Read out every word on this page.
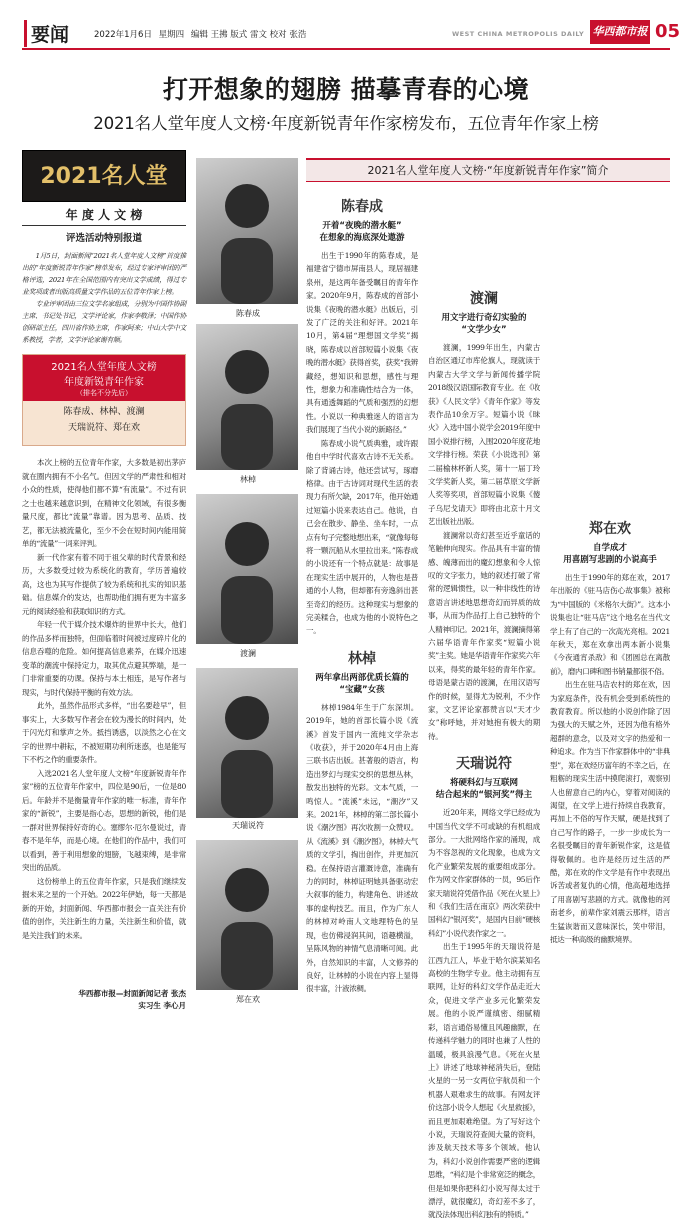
要闻	2022年1月6日 星期四 编辑 王拂 版式 雷文 校对 张浩	WEST CHINA METROPOLIS DAILY 华西都市报 05
打开想象的翅膀 描摹青春的心境
2021名人堂年度人文榜·年度新锐青年作家榜发布，五位青年作家上榜
2021名人堂
年 度 人 文 榜
评选活动特别报道
1月5日，封面新闻“2021名人堂年度人文榜”首度推出的“年度新锐青年作家”榜单发布，经过专家评审团的严格评选，2021年在全国范围内有突出文学成绩，得过专业奖项或者出版高质量文学作品的五位青年作家上榜。
专业评审团由三位文学名家组成，分别为中国作协副主席、书记处书记，文学评论家，作家李敬泽；中国作协创研部主任，四川省作协主席，作家阿来；中山大学中文系教授，学者，文学评论家谢有顺。
2021名人堂年度人文榜
年度新锐青年作家
（排名不分先后）
陈春成、林棹、渡澜
天瑞说符、郑在欢
本次上榜的五位青年作家，大多数是初出茅庐就在圈内拥有不小名气。但因文学的严肃性和相对小众的性质，使得他们都不算“有流量”。不过有识之士也越来越意识到，在精神文化领域，有很多衡量尺度，都比“流量”靠谱。因为思考、品质、技艺，都无法被流量化，至少不会在短时间内能用简单的“流量”一词来评判。
新一代作家有着不同于祖父辈的时代背景和经历，大多数受过较为系统化的教育，学历普遍较高，这也为其写作提供了较为系统和扎实的知识基础。信息媒介的发达，也帮助他们拥有更为丰富多元的阅读经验和获取知识的方式。
年轻一代于媒介技术爆炸的世界中长大，他们的作品多样而独特，但面临着时间被过度碎片化的信息吞噬的危险。如何提高信息素养，在媒介迅速变革的潮流中保持定力，取其优点避其弊端，是一门非常重要的功课。保持与本土相连，是写作者与现实，与时代保持平衡的有效方法。
此外，虽然作品形式多样，“出名要趁早”，但事实上，大多数写作者会在较为漫长的时间内，处于闪光灯和掌声之外。抵挡诱惑，以淡然之心在文字的世界中耕耘，不被短期功利所迷惑，也是能写下不朽之作的重要条件。
入选2021名人堂年度人文榜“年度新锐青年作家”榜的五位青年作家中，四位是90后，一位是80后。年龄并不是衡量青年作家的唯一标准，青年作家的“新锐”，主要是指心态，思想的新锐，他们是一群对世界保持好奇的心。塞缪尔·厄尔曼说过，青春不是年华，而是心境。在他们的作品中，我们可以看到，善于利用想象的翅膀，飞越束缚，是非常突出的品质。
这份榜单上的五位青年作家，只是我们继续发掘未来之星的一个开始。2022年伊始，每一天都是新的开始，封面新闻、华西都市报会一直关注有价值的创作，关注新生的力量，关注新生和价值，就是关注我们的未来。
华西都市报—封面新闻记者 张杰
实习生 李心月
陈春成
林棹
渡澜
天瑞说符
郑在欢
2021名人堂年度人文榜·“年度新锐青年作家”简介
陈春成
开着“夜晚的潜水艇”
在想象的海底深处遨游
出生于1990年的陈春成，是福建省宁德市屏南县人，现居福建泉州，是这两年备受瞩目的青年作家。2020年9月，陈春成的首部小说集《夜晚的潜水艇》出版后，引发了广泛的关注和好评。2021年10月，第4届“理想国文学奖”揭晓，陈春成以首部短篇小说集《夜晚的潜水艇》获得首奖，获奖“我辨藏经，想知识和思想，感性与理性，想象力和准确性结合为一体，具有通透舞蹈的气质和强烈的幻想性。小说以一种典雅迷人的语言为我们展现了当代小说的新路径。”
陈春成小说气质典雅，或许跟他自中学时代喜欢古诗不无关系。除了背诵古诗，他还尝试写，琢磨格律。由于古诗词对现代生活的表现力有所欠缺，2017年，他开始通过短篇小说来表达自己。他说，自己会在散步、静坐、坐车时，一点点有句子完整地想出来，“就像每每将一颗沉船从水里拉出来。”陈春成的小说还有一个特点就是：故事是在现实生活中展开的，人物也是普通的小人物，但却都有旁逸斜出甚至奇幻的经历。这种现实与想象的完美糅合，也成为他的小说特色之一。
林棹
两年拿出两部优质长篇的
“宝藏”女孩
林棹1984年生于广东深圳。2019年，她的首部长篇小说《流溪》首发于国内一流纯文学杂志《收获》，并于2020年4月由上海三联书店出版。甚著般的语言，构造出梦幻与现实交织的思想丛林，散发出独特的光彩。文本气质，一鸣惊人。“流溪”未远，“潮汐”又来。2021年，林棹的第二部长篇小说《潮汐图》再次收割一众赞叹。从《流溪》到《潮汐图》，林棹大气质的文学引，掏出创作，并更加沉稳。在保持语言灌溉诗意，准确有力的同时，林棹证明她具备驱动宏大叙事的能力，构建角色、讲述故事的虚构技艺。而且，作为广东人的林棹对岭南人文地理特色的呈现，也仿佛浸润其间，语趣横溢，呈陈风物的神情气息清晰可阅。此外，自然知识的丰富，人文修养的良好，让林棹的小说在内容上显得很丰富，汁液浓稠。
渡澜
用文字进行奇幻实验的
“文学少女”
渡澜，1999年出生，内蒙古自治区通辽市库伦旗人，现就读于内蒙古大学文学与新闻传播学院2018级汉语国际教育专业。在《收获》《人民文学》《青年作家》等发表作品10余万字。短篇小说《昧火》入选中国小说学会2019年度中国小说排行榜，入围2020年度花地文学排行榜。荣获《小说选刊》第二届榆林杯新人奖，第十一届丁玲文学奖新人奖，第二届草原文学新人奖等奖项，首部短篇小说集《傻子乌尼戈请天》即将由北京十月文艺出版社出版。
渡澜常以奇幻甚至近乎童话的笔触伸向现实。作品具有丰富的情感、魄薄而出的魔幻想象和令人惊叹的文字张力，她的叙述打破了常常的逻辑惯性，以一种非线性的诗意语言讲述地思想奇幻而异质的故事，从而为作品打上自己独特的个人精神印记。2021年，渡澜摘得第六届华语青年作家奖“短篇小说奖”主奖。她是华语青年作家奖六年以来，得奖的最年轻的青年作家。母语是蒙古语的渡澜，在用汉语写作的时候，显得尤为锐利，不少作家，文艺评论家都赞言以“天才少女”称呼她，并对她抱有极大的期待。
天瑞说符
将硬科幻与互联网
结合起来的“银河奖”得主
近20年来，网络文学已经成为中国当代文学不可或缺的有机组成部分。一大批网络作家的涌现，成为不容忽视的文化现象，也成为文化产业繁荣发展的重要组成部分。作为网文作家群体的一员，95后作家天瑞说符凭借作品《死在火星上》和《我们生活在南京》两次荣获中国科幻“银河奖”，是国内目前“硬核科幻”小说代表作家之一。
出生于1995年的天瑞说符是江西九江人，毕业于哈尔滨某知名高校的生物学专业。他主动拥有互联网，让好的科幻文学作品走近大众，促进文学产业多元化繁荣发展。他的小说严谨缜密、细腻精彩，语言通俗易懂且风趣幽默，在传递科学魅力的同时也兼了人性的温暖，极具浪漫气息。《死在火星上》讲述了地球神秘消失后，登陆火星的一另一女两位宇航员和一个机器人艰难求生的故事。有网友评价这部小说令人想起《火星救援》，而且更加艰难绝望。为了写好这个小说，天瑞说符查阅大量的资料，涉及航天技术等多个领域。他认为，科幻小说创作需要严密的逻辑思维，“科幻是个非常宽泛的概念，但是如果你把科幻小说写得太过于漂浮，就很魔幻，奇幻差不多了，就没法体现出科幻独有的特质。”
郑在欢
自学成才
用喜剧写悲剧的小说高手
出生于1990年的郑在欢，2017年出版的《驻马店伤心故事集》被称为“中国版的《米格尔大街》”。这本小说集也让“驻马店”这个地名在当代文学上有了自己的一次高光亮相。2021年秋天，郑在欢拿出两本新小说集《今夜通宵杀敌》和《团圆总在离散前》，磨内口碑和图书销量都很不俗。
出生在驻马店农村的郑在欢，因为家庭条件，没有机会受到系统性的教育教育。所以他的小说创作除了因为强大的天赋之外，还因为他有格外超群的意念，以及对文字的热爱和一种追求。作为当下作家群体中的“非典型”，郑在欢经历富年的不幸之后，在粗粝的现实生活中摸爬滚打，观察别人也留意自己的内心，穿着对阅读的渴望，在文学上进行持续自我教育，再加上不俗的写作天赋，硬是找到了自己写作的路子，一步一步成长为一名很受瞩目的青年新锐作家，这是值得敬佩的。也许是经历过生活的严酷，郑在欢的作文学是有作中表现出诉苦或者复仇的心情，他高超地选择了用喜剧写悲剧的方式。就像他的河南老乡，前辈作家刘震云那样，语言生猛诙谐而又意味深长，笑中带泪，抵达一种高级的幽默境界。
